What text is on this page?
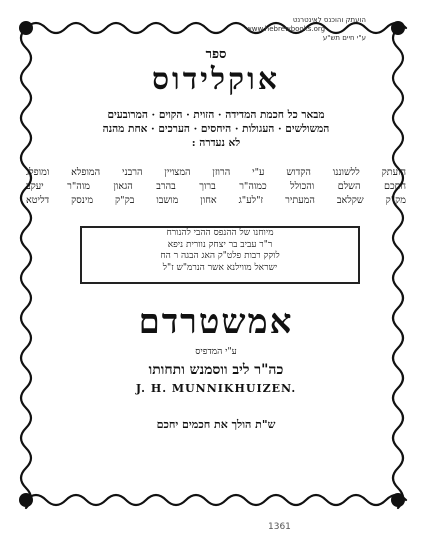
הועתק והוכנס לאינטרנט
www.hebrewbooks.org
ע"י חיים תש"ע
ספר
אוקלידוס
מבאר כל חכמת המדידה · הזוית · הקוים · המרובעים
המשולשים · העגולות · היחסים · הערכים · אחת מהנה
לא נעדרה :
הועתק ללשוננו הקדוש ע"י הרוזן המצויין הרבני המופלא ומופלג
חחכם השלם והכולל כמוה"ר ברוך בהרב הגאון מוה"ר יעקב
מק"ק שקלאב המעתיר ז"לע"ג אחון מושבו בק"ק מינסק דליטא
מיוחנו של ההנפס ההבי להנורח
ר"ר עביב בר יצחק נוורית ניפא
לוקק רבות פלט"ק האג הבגה ר הח
ישראל מווילנא אשר הנרמ"ש ז"ל
אמשטרדם
ע"י המדפיס
כה"ר ליב ווסמנש ותחותו
J. H. MUNNIKHUIZEN.
ש"ת הולך את חכמים יחכם
1361
